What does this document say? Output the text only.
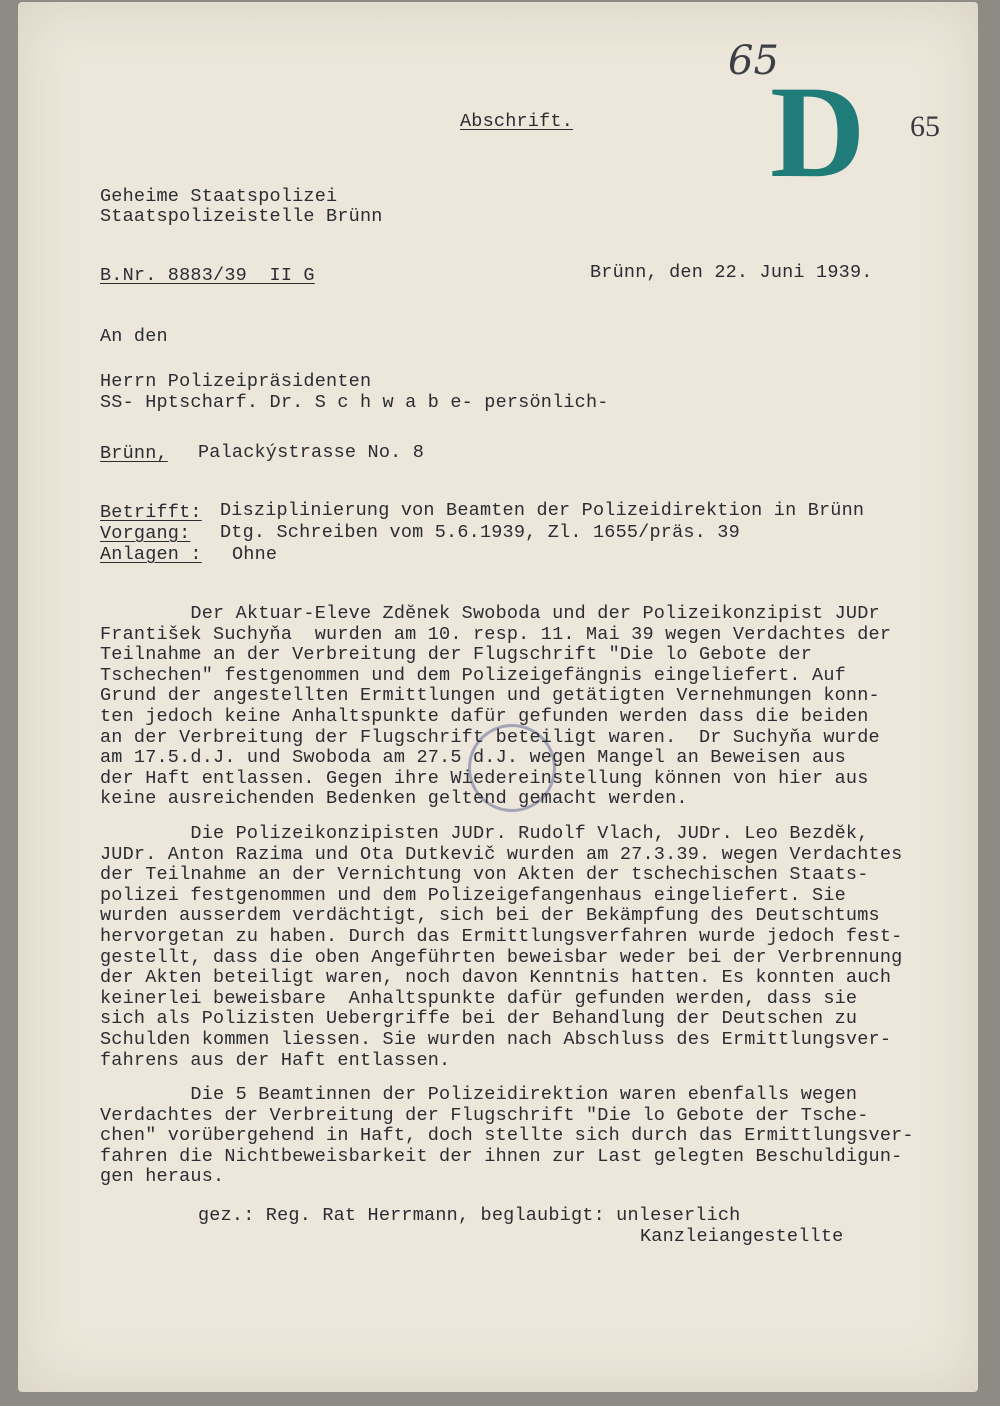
65
D 65
Abschrift.
Geheime Staatspolizei
Staatspolizeistelle Brünn
B.Nr. 8883/39  II G	Brünn, den 22. Juni 1939.
An den
Herrn Polizeipräsidenten
SS- Hptscharf. Dr. S c h w a b e- persönlich-
Brünn, Palackýstrasse No. 8
Betrifft: Disziplinierung von Beamten der Polizeidirektion in Brünn
Vorgang: Dtg. Schreiben vom 5.6.1939, Zl. 1655/präs. 39
Anlagen : Ohne
Der Aktuar-Eleve Zdĕnek Swoboda und der Polizeikonzipist JUDr
František Suchyňa  wurden am 10. resp. 11. Mai 39 wegen Verdachtes der
Teilnahme an der Verbreitung der Flugschrift "Die lo Gebote der
Tschechen" festgenommen und dem Polizeigefängnis eingeliefert. Auf
Grund der angestellten Ermittlungen und getätigten Vernehmungen konn-
ten jedoch keine Anhaltspunkte dafür gefunden werden dass die beiden
an der Verbreitung der Flugschrift beteiligt waren.  Dr Suchyňa wurde
am 17.5.d.J. und Swoboda am 27.5 d.J. wegen Mangel an Beweisen aus
der Haft entlassen. Gegen ihre Wiedereinstellung können von hier aus
keine ausreichenden Bedenken geltend gemacht werden.
Die Polizeikonzipisten JUDr. Rudolf Vlach, JUDr. Leo Bezdĕk,
JUDr. Anton Razima und Ota Dutkevič wurden am 27.3.39. wegen Verdachtes
der Teilnahme an der Vernichtung von Akten der tschechischen Staats-
polizei festgenommen und dem Polizeigefangenhaus eingeliefert. Sie
wurden ausserdem verdächtigt, sich bei der Bekämpfung des Deutschtums
hervorgetan zu haben. Durch das Ermittlungsverfahren wurde jedoch fest-
gestellt, dass die oben Angeführten beweisbar weder bei der Verbrennung
der Akten beteiligt waren, noch davon Kenntnis hatten. Es konnten auch
keinerlei beweisbare  Anhaltspunkte dafür gefunden werden, dass sie
sich als Polizisten Uebergriffe bei der Behandlung der Deutschen zu
Schulden kommen liessen. Sie wurden nach Abschluss des Ermittlungsver-
fahrens aus der Haft entlassen.
Die 5 Beamtinnen der Polizeidirektion waren ebenfalls wegen
Verdachtes der Verbreitung der Flugschrift "Die lo Gebote der Tsche-
chen" vorübergehend in Haft, doch stellte sich durch das Ermittlungsver-
fahren die Nichtbeweisbarkeit der ihnen zur Last gelegten Beschuldigun-
gen heraus.
gez.: Reg. Rat Herrmann, beglaubigt: unleserlich
Kanzleiangestellte
